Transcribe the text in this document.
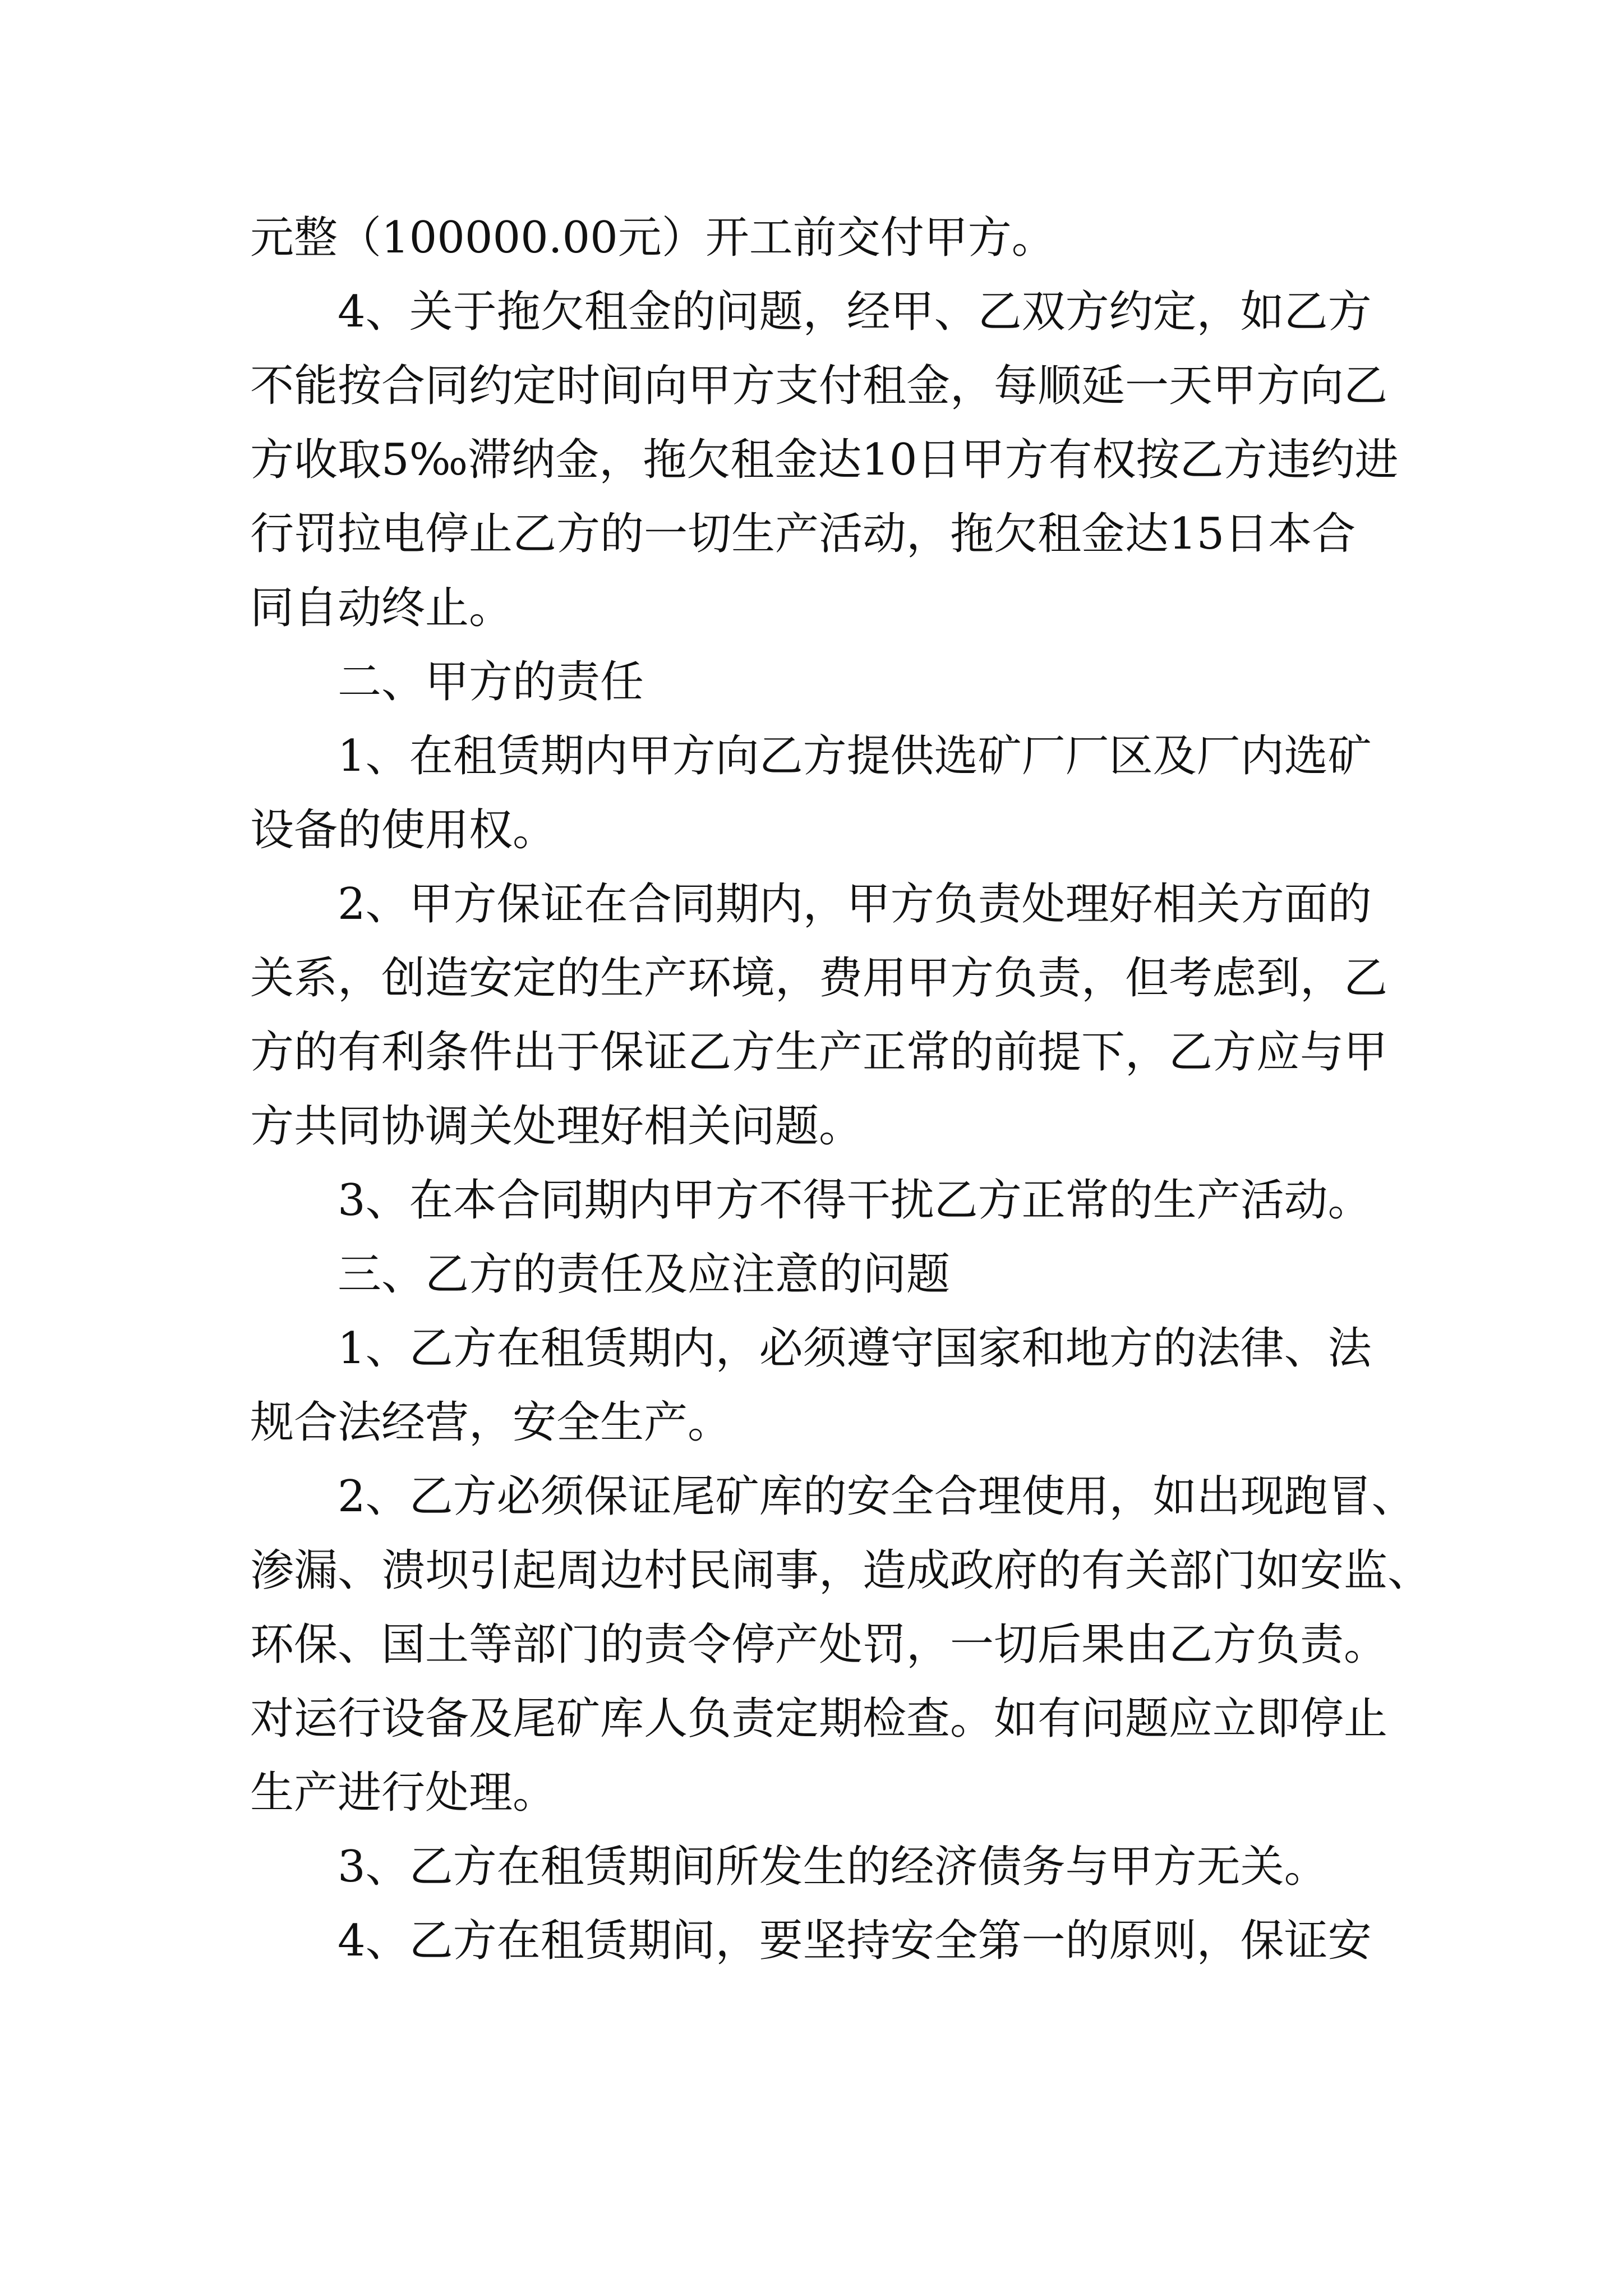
元整（100000.00元）开工前交付甲方。
4、关于拖欠租金的问题，经甲、乙双方约定，如乙方
不能按合同约定时间向甲方支付租金，每顺延一天甲方向乙
方收取5‰滞纳金，拖欠租金达10日甲方有权按乙方违约进
行罚拉电停止乙方的一切生产活动，拖欠租金达15日本合
同自动终止。
二、甲方的责任
1、在租赁期内甲方向乙方提供选矿厂厂区及厂内选矿
设备的使用权。
2、甲方保证在合同期内，甲方负责处理好相关方面的
关系，创造安定的生产环境，费用甲方负责，但考虑到，乙
方的有利条件出于保证乙方生产正常的前提下，乙方应与甲
方共同协调关处理好相关问题。
3、在本合同期内甲方不得干扰乙方正常的生产活动。
三、乙方的责任及应注意的问题
1、乙方在租赁期内，必须遵守国家和地方的法律、法
规合法经营，安全生产。
2、乙方必须保证尾矿库的安全合理使用，如出现跑冒、
渗漏、溃坝引起周边村民闹事，造成政府的有关部门如安监、
环保、国土等部门的责令停产处罚，一切后果由乙方负责。
对运行设备及尾矿库人负责定期检查。如有问题应立即停止
生产进行处理。
3、乙方在租赁期间所发生的经济债务与甲方无关。
4、乙方在租赁期间，要坚持安全第一的原则，保证安
